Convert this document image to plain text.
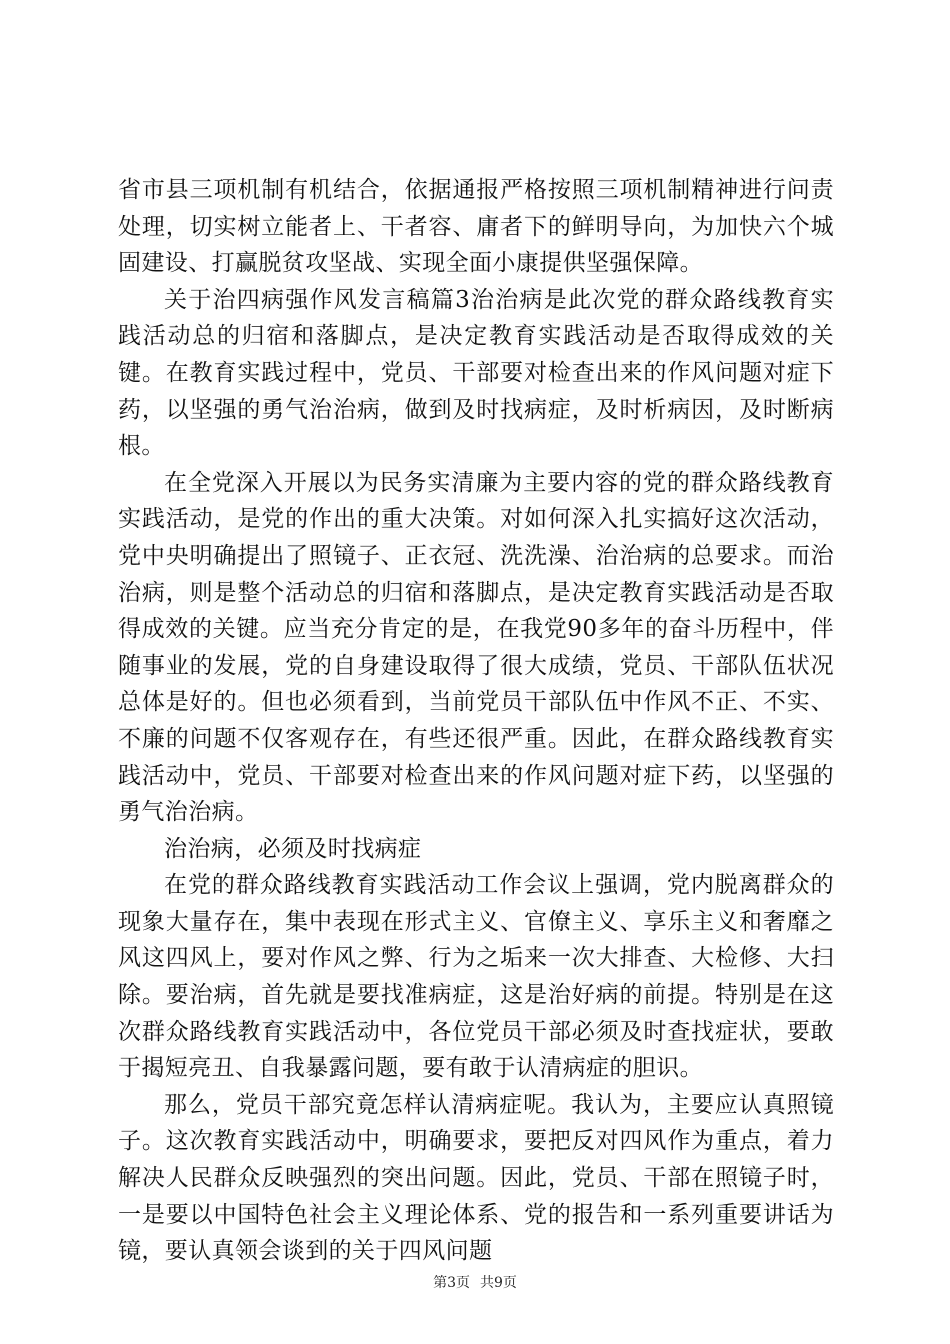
省市县三项机制有机结合，依据通报严格按照三项机制精神进行问责处理，切实树立能者上、干者容、庸者下的鲜明导向，为加快六个城固建设、打赢脱贫攻坚战、实现全面小康提供坚强保障。

关于治四病强作风发言稿篇3治治病是此次党的群众路线教育实践活动总的归宿和落脚点，是决定教育实践活动是否取得成效的关键。在教育实践过程中，党员、干部要对检查出来的作风问题对症下药，以坚强的勇气治治病，做到及时找病症，及时析病因，及时断病根。

在全党深入开展以为民务实清廉为主要内容的党的群众路线教育实践活动，是党的作出的重大决策。对如何深入扎实搞好这次活动，党中央明确提出了照镜子、正衣冠、洗洗澡、治治病的总要求。而治治病，则是整个活动总的归宿和落脚点，是决定教育实践活动是否取得成效的关键。应当充分肯定的是，在我党90多年的奋斗历程中，伴随事业的发展，党的自身建设取得了很大成绩，党员、干部队伍状况总体是好的。但也必须看到，当前党员干部队伍中作风不正、不实、不廉的问题不仅客观存在，有些还很严重。因此，在群众路线教育实践活动中，党员、干部要对检查出来的作风问题对症下药，以坚强的勇气治治病。

治治病，必须及时找病症

在党的群众路线教育实践活动工作会议上强调，党内脱离群众的现象大量存在，集中表现在形式主义、官僚主义、享乐主义和奢靡之风这四风上，要对作风之弊、行为之垢来一次大排查、大检修、大扫除。要治病，首先就是要找准病症，这是治好病的前提。特别是在这次群众路线教育实践活动中，各位党员干部必须及时查找症状，要敢于揭短亮丑、自我暴露问题，要有敢于认清病症的胆识。

那么，党员干部究竟怎样认清病症呢。我认为，主要应认真照镜子。这次教育实践活动中，明确要求，要把反对四风作为重点，着力解决人民群众反映强烈的突出问题。因此，党员、干部在照镜子时，一是要以中国特色社会主义理论体系、党的报告和一系列重要讲话为镜，要认真领会谈到的关于四风问题

第3页 共9页
